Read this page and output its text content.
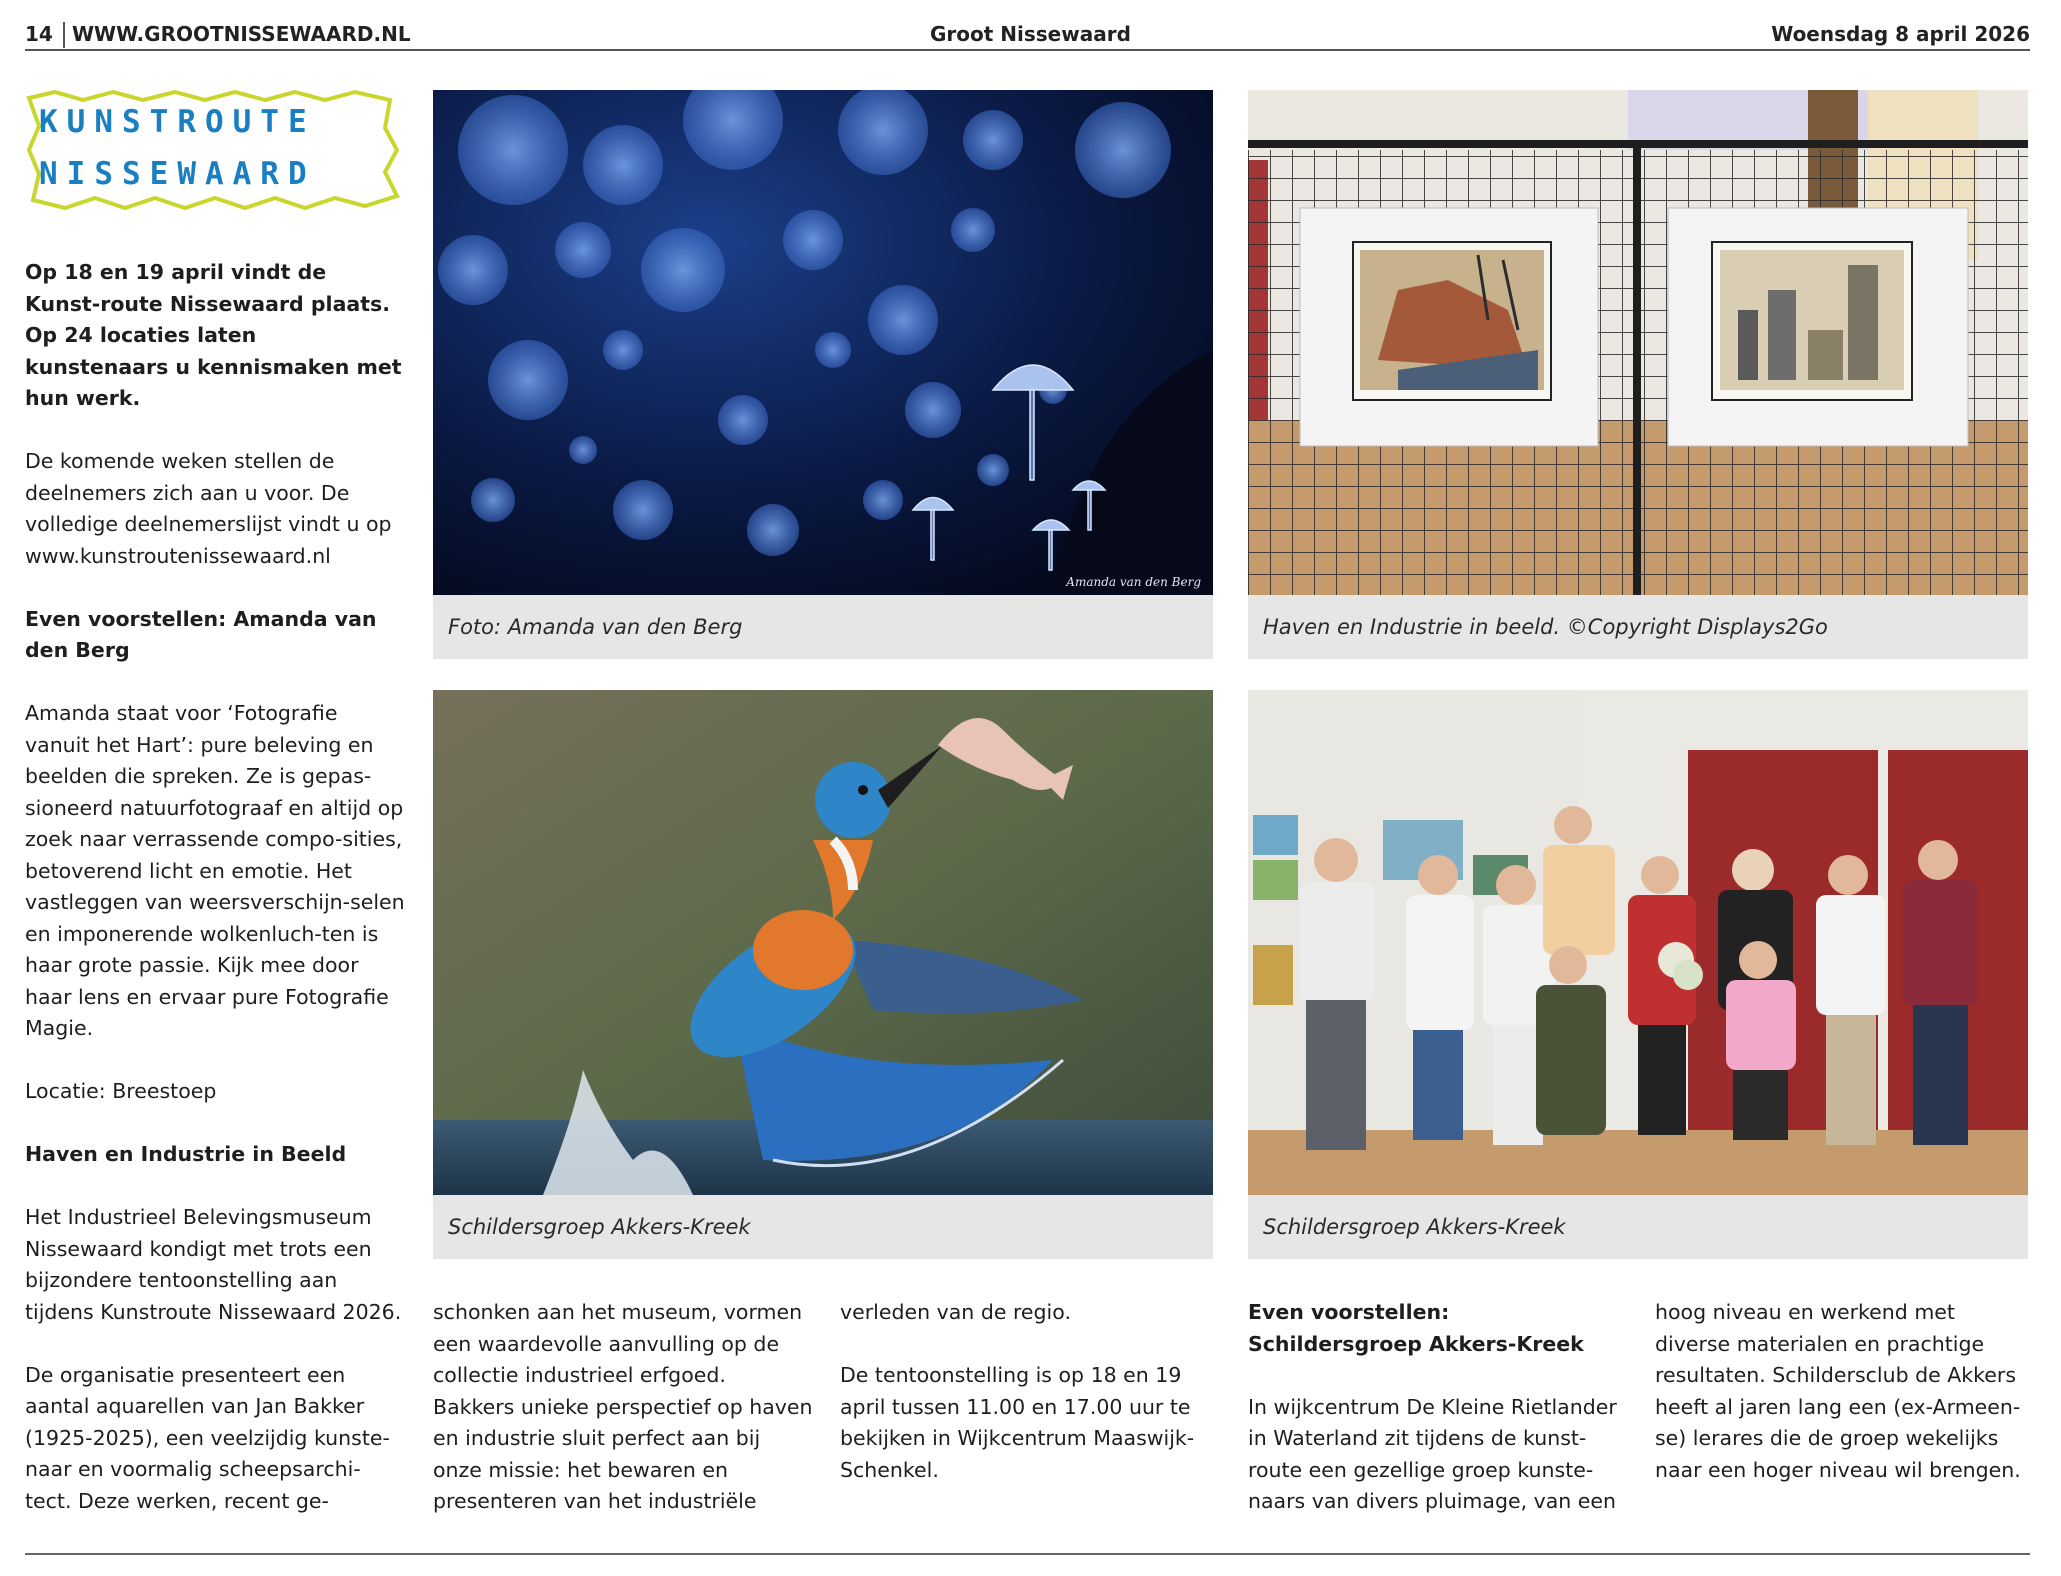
14 WWW.GROOTNISSEWAARD.NL	Groot Nissewaard	Woensdag 8 april 2026
KUNSTROUTE
NISSEWAARD

Op 18 en 19 april vindt de Kunst-route Nissewaard plaats. Op 24 locaties laten kunstenaars u kennismaken met hun werk.

De komende weken stellen de deelnemers zich aan u voor. De volledige deelnemerslijst vindt u op www.kunstroutenissewaard.nl

Even voorstellen: Amanda van den Berg

Amanda staat voor ‘Fotografie vanuit het Hart’: pure beleving en beelden die spreken. Ze is gepas-sioneerd natuurfotograaf en altijd op zoek naar verrassende compo-sities, betoverend licht en emotie. Het vastleggen van weersverschijn-selen en imponerende wolkenluch-ten is haar grote passie. Kijk mee door haar lens en ervaar pure Fotografie Magie.

Locatie: Breestoep

Haven en Industrie in Beeld

Het Industrieel Belevingsmuseum Nissewaard kondigt met trots een bijzondere tentoonstelling aan tijdens Kunstroute Nissewaard 2026.

De organisatie presenteert een aantal aquarellen van Jan Bakker (1925-2025), een veelzijdig kunste-naar en voormalig scheepsarchi-tect. Deze werken, recent ge-

Amanda van den Berg
Foto: Amanda van den Berg	Haven en Industrie in beeld. ©Copyright Displays2Go
Schildersgroep Akkers-Kreek	Schildersgroep Akkers-Kreek

schonken aan het museum, vormen een waardevolle aanvulling op de collectie industrieel erfgoed. Bakkers unieke perspectief op haven en industrie sluit perfect aan bij onze missie: het bewaren en presenteren van het industriële

verleden van de regio.

De tentoonstelling is op 18 en 19 april tussen 11.00 en 17.00 uur te bekijken in Wijkcentrum Maaswijk-Schenkel.

Even voorstellen: Schildersgroep Akkers-Kreek

In wijkcentrum De Kleine Rietlander in Waterland zit tijdens de kunst-route een gezellige groep kunste-naars van divers pluimage, van een

hoog niveau en werkend met diverse materialen en prachtige resultaten. Schildersclub de Akkers heeft al jaren lang een (ex-Armeen-se) lerares die de groep wekelijks naar een hoger niveau wil brengen.
